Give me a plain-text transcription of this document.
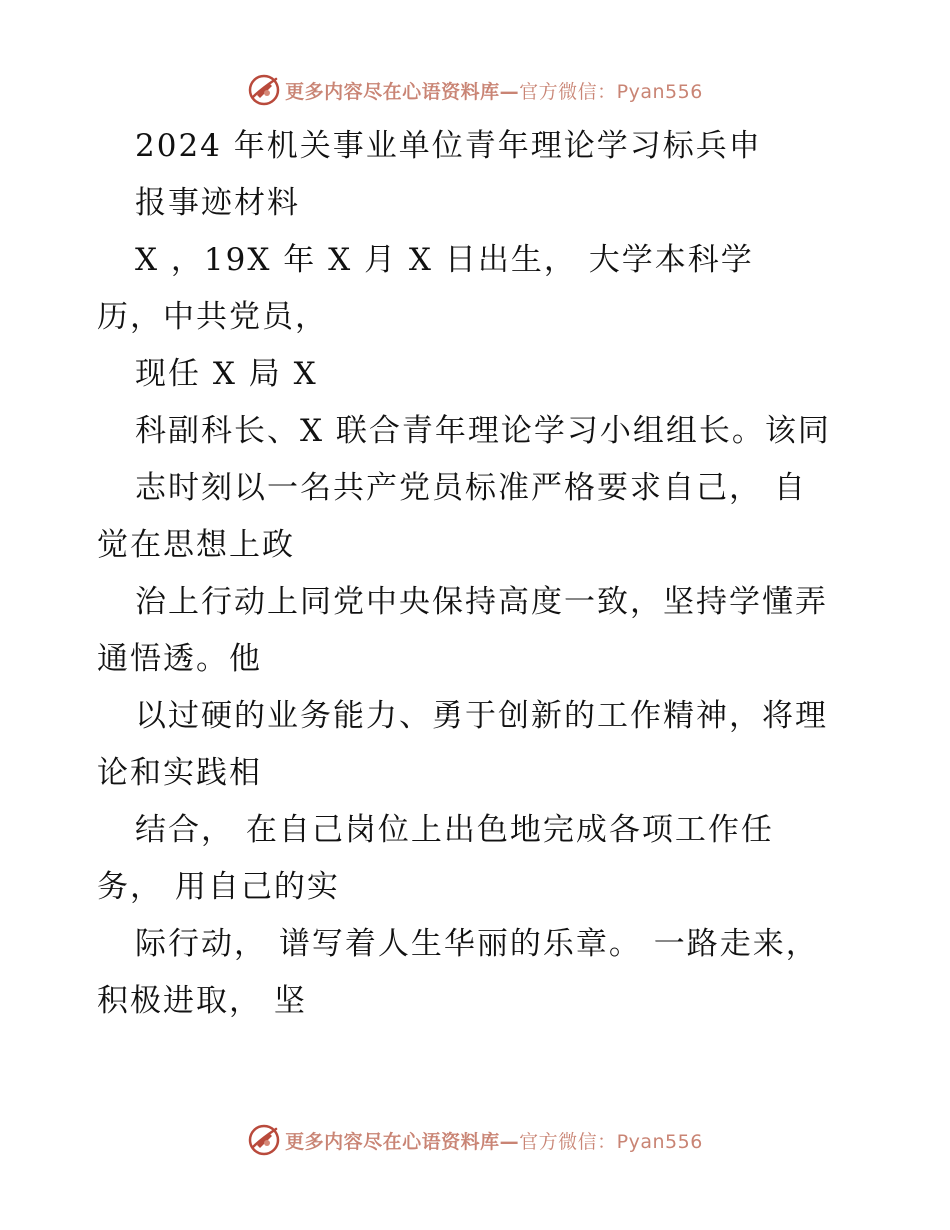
更多内容尽在心语资料库—官方微信：Pyan556
2024 年机关事业单位青年理论学习标兵申
报事迹材料
X ，19X 年 X 月 X 日出生， 大学本科学
历，中共党员，
现任 X 局 X
科副科长、X 联合青年理论学习小组组长。该同
志时刻以一名共产党员标准严格要求自己， 自
觉在思想上政
治上行动上同党中央保持高度一致，坚持学懂弄
通悟透。他
以过硬的业务能力、勇于创新的工作精神，将理
论和实践相
结合， 在自己岗位上出色地完成各项工作任
务， 用自己的实
际行动， 谱写着人生华丽的乐章。 一路走来，
积极进取， 坚
更多内容尽在心语资料库—官方微信：Pyan556
